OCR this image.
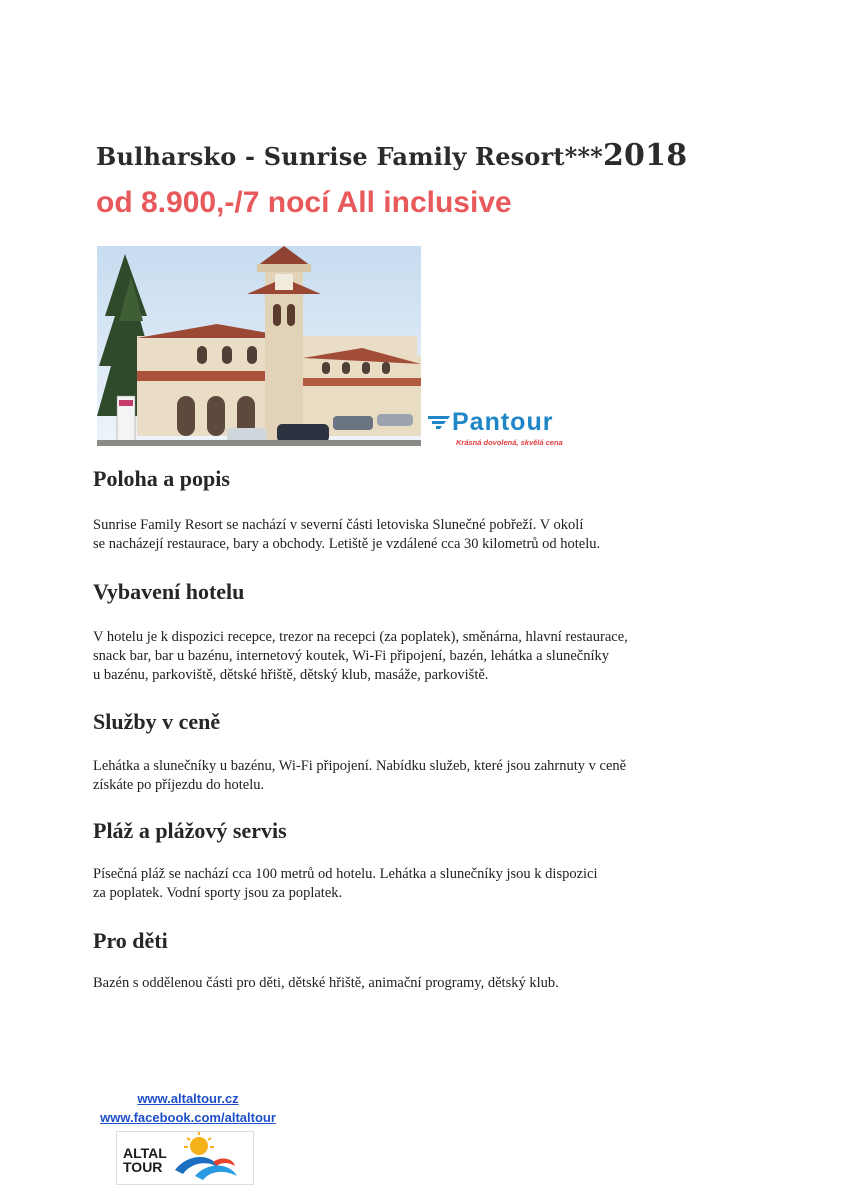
Bulharsko - Sunrise Family Resort***2018
od 8.900,-/7 nocí All inclusive
Pantour
Krásná dovolená, skvělá cena
Poloha a popis

Sunrise Family Resort se nachází v severní části letoviska Slunečné pobřeží. V okolí
se nacházejí restaurace, bary a obchody. Letiště je vzdálené cca 30 kilometrů od hotelu.

Vybavení hotelu

V hotelu je k dispozici recepce, trezor na recepci (za poplatek), směnárna, hlavní restaurace,
snack bar, bar u bazénu, internetový koutek, Wi-Fi připojení, bazén, lehátka a slunečníky
u bazénu, parkoviště, dětské hřiště, dětský klub, masáže, parkoviště.

Služby v ceně

Lehátka a slunečníky u bazénu, Wi-Fi připojení. Nabídku služeb, které jsou zahrnuty v ceně
získáte po příjezdu do hotelu.

Pláž a plážový servis

Písečná pláž se nachází cca 100 metrů od hotelu. Lehátka a slunečníky jsou k dispozici
za poplatek. Vodní sporty jsou za poplatek.

Pro děti

Bazén s oddělenou části pro děti, dětské hřiště, animační programy, dětský klub.

www.altaltour.cz
www.facebook.com/altaltour
ALTAL TOUR
